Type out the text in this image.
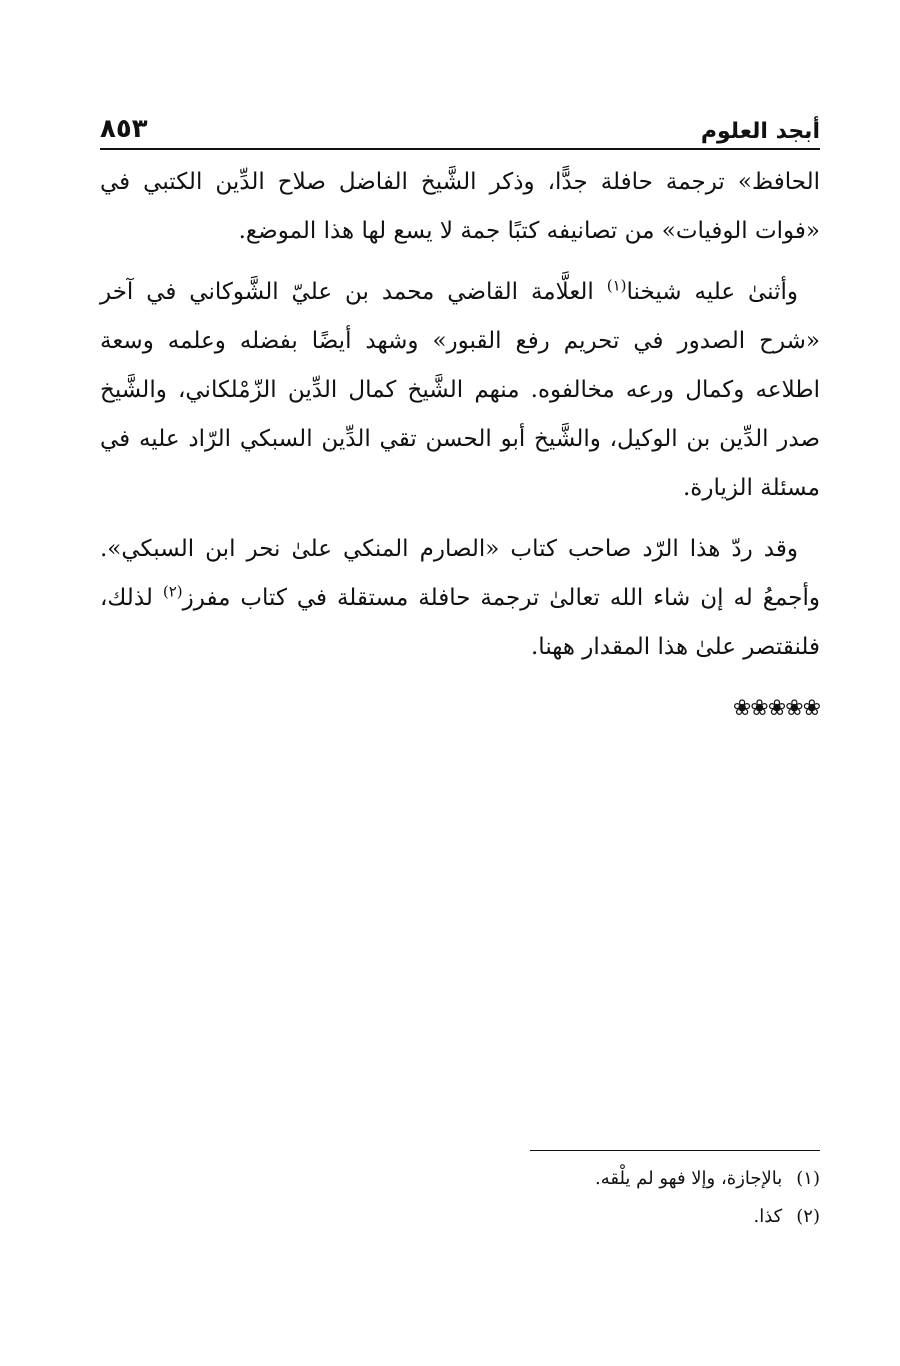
أبجد العلوم
٨٥٣

الحافظ» ترجمة حافلة جدًّا، وذكر الشَّيخ الفاضل صلاح الدِّين الكتبي في «فوات الوفيات» من تصانيفه كتبًا جمة لا يسع لها هذا الموضع.

وأثنىٰ عليه شيخنا$^{(١)}$ العلَّامة القاضي محمد بن عليّ الشَّوكاني في آخر «شرح الصدور في تحريم رفع القبور» وشهد أيضًا بفضله وعلمه وسعة اطلاعه وكمال ورعه مخالفوه. منهم الشَّيخ كمال الدِّين الزّمْلكاني، والشَّيخ صدر الدِّين بن الوكيل، والشَّيخ أبو الحسن تقي الدِّين السبكي الرّاد عليه في مسئلة الزيارة.

وقد ردّ هذا الرّد صاحب كتاب «الصارم المنكي علىٰ نحر ابن السبكي». وأجمعُ له إن شاء الله تعالىٰ ترجمة حافلة مستقلة في كتاب مفرز$^{(٢)}$ لذلك، فلنقتصر علىٰ هذا المقدار ههنا.

❀❀❀❀❀
(١)
بالإجازة، وإلا فهو لم يلْقه.
(٢)
كذا.
